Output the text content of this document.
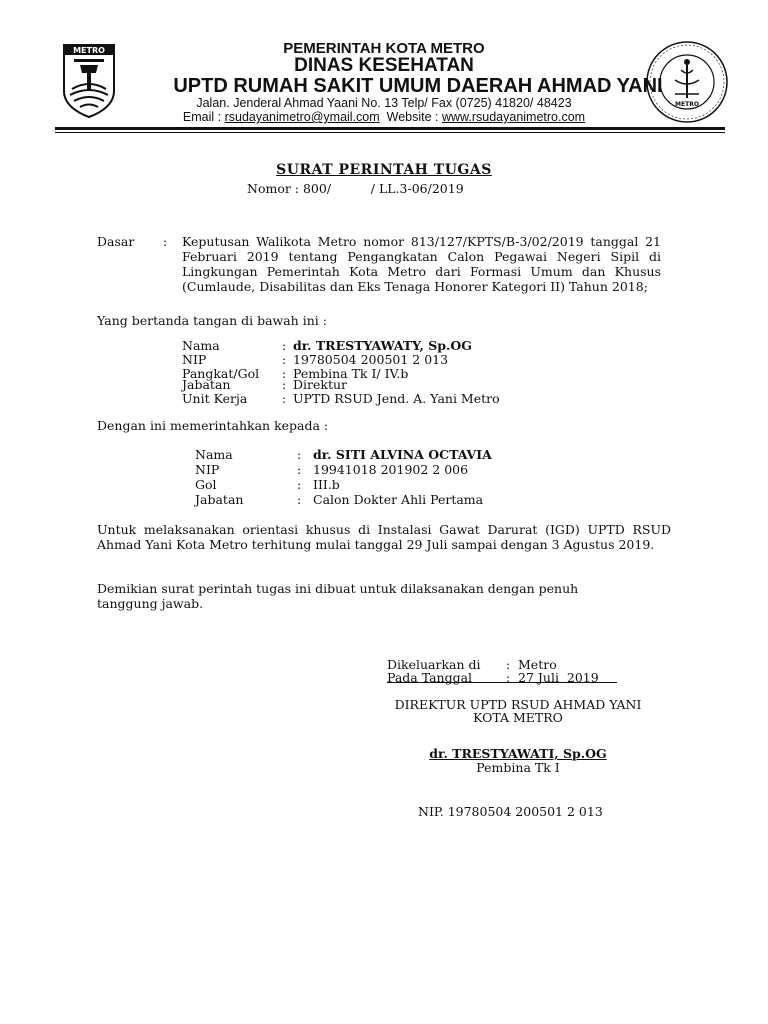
METRO
METRO
PEMERINTAH KOTA METRO
DINAS KESEHATAN
UPTD RUMAH SAKIT UMUM DAERAH AHMAD YANI
Jalan. Jenderal Ahmad Yaani No. 13 Telp/ Fax (0725) 41820/ 48423
Email : rsudayanimetro@ymail.com  Website : www.rsudayanimetro.com
SURAT PERINTAH TUGAS
Nomor : 800/          / LL.3-06/2019
Dasar : Keputusan Walikota Metro nomor 813/127/KPTS/B-3/02/2019 tanggal 21 Februari 2019 tentang Pengangkatan Calon Pegawai Negeri Sipil di Lingkungan Pemerintah Kota Metro dari Formasi Umum dan Khusus (Cumlaude, Disabilitas dan Eks Tenaga Honorer Kategori II) Tahun 2018;
Yang bertanda tangan di bawah ini :
Nama	: dr. TRESTYAWATY, Sp.OG
NIP	: 19780504 200501 2 013
Pangkat/Gol : Pembina Tk I/ IV.b
Jabatan	: Direktur
Unit Kerja	: UPTD RSUD Jend. A. Yani Metro
Dengan ini memerintahkan kepada :
Nama	: dr. SITI ALVINA OCTAVIA
NIP	: 19941018 201902 2 006
Gol	: III.b
Jabatan	: Calon Dokter Ahli Pertama
Untuk melaksanakan orientasi khusus di Instalasi Gawat Darurat (IGD) UPTD RSUD Ahmad Yani Kota Metro terhitung mulai tanggal 29 Juli sampai dengan 3 Agustus 2019.
Demikian surat perintah tugas ini dibuat untuk dilaksanakan dengan penuh tanggung jawab.
Dikeluarkan di : Metro
Pada Tanggal	: 27 Juli  2019
DIREKTUR UPTD RSUD AHMAD YANI
KOTA METRO
dr. TRESTYAWATI, Sp.OG
Pembina Tk I
NIP. 19780504 200501 2 013
